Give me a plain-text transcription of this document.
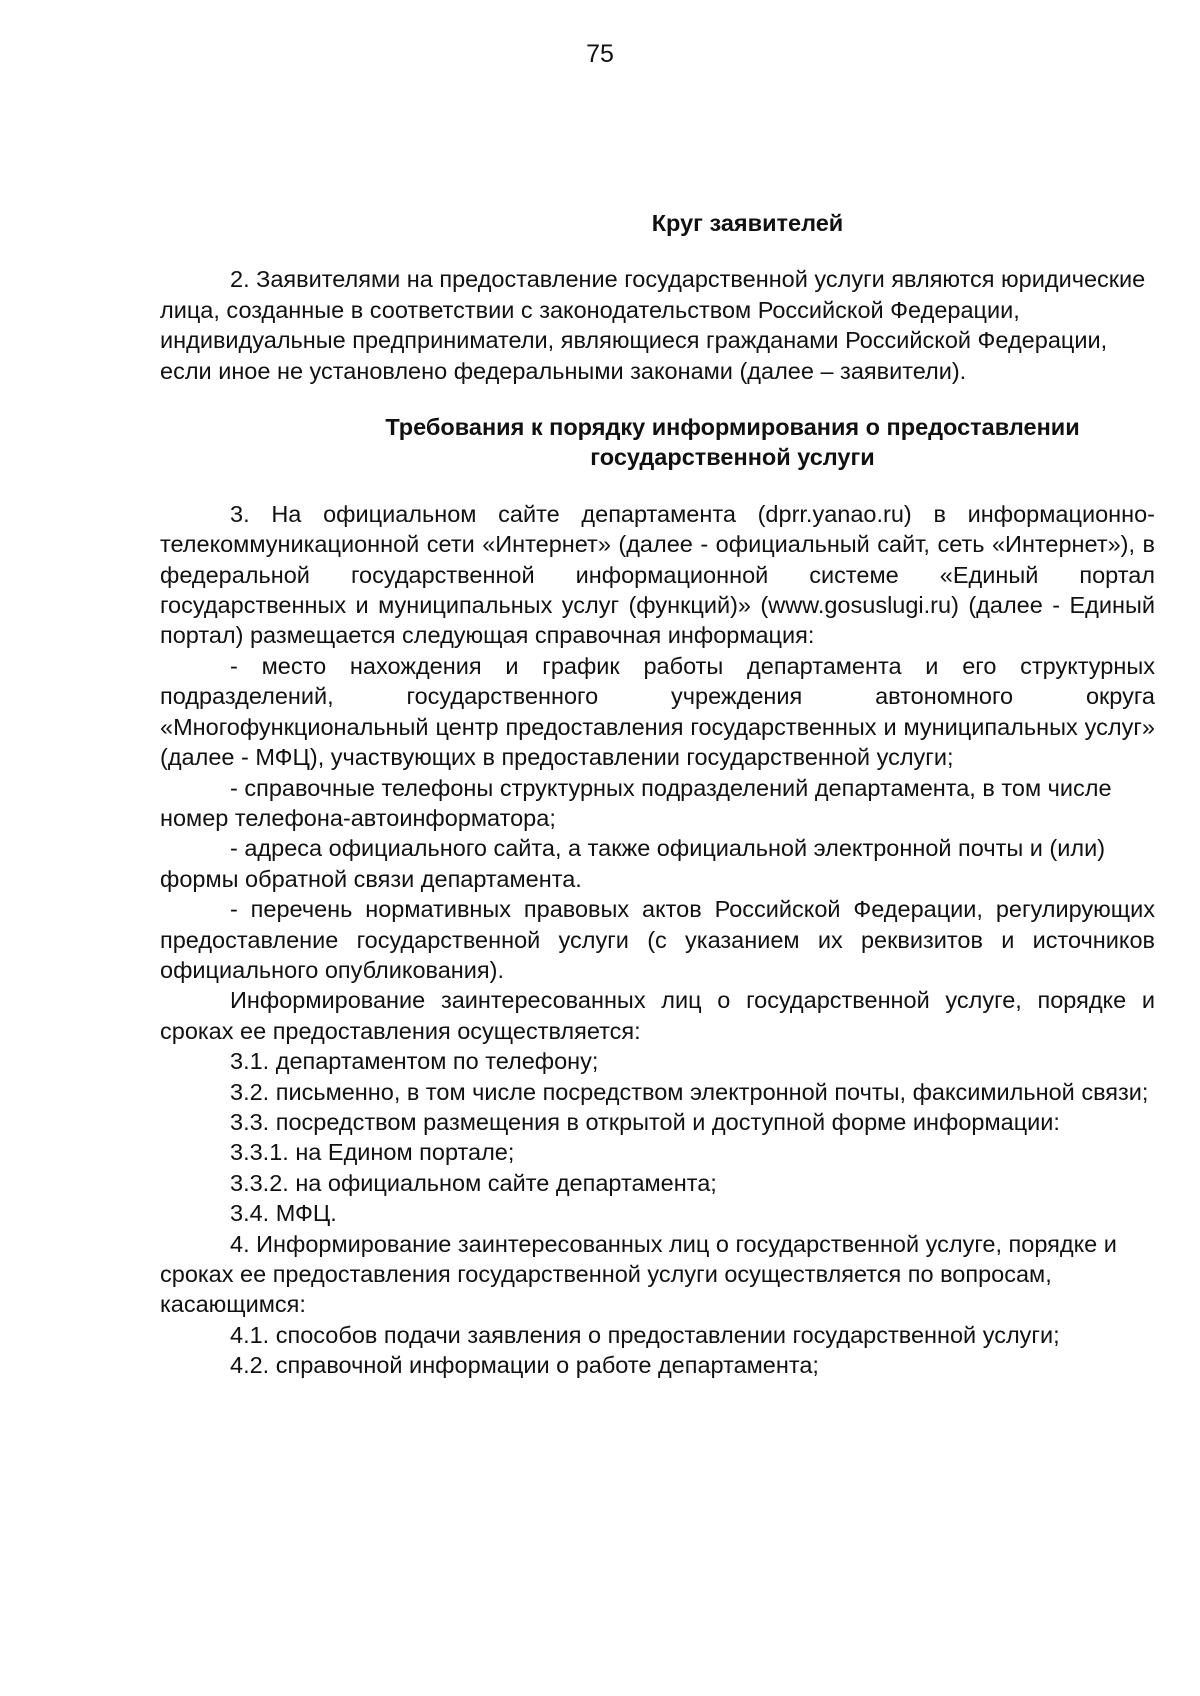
75
Круг заявителей

2. Заявителями на предоставление государственной услуги являются юридические лица, созданные в соответствии с законодательством Российской Федерации, индивидуальные предприниматели, являющиеся гражданами Российской Федерации, если иное не установлено федеральными законами (далее – заявители).

Требования к порядку информирования о предоставлении государственной услуги

3. На официальном сайте департамента (dprr.yanao.ru) в информационно-телекоммуникационной сети «Интернет» (далее - официальный сайт, сеть «Интернет»), в федеральной государственной информационной системе «Единый портал государственных и муниципальных услуг (функций)» (www.gosuslugi.ru) (далее - Единый портал) размещается следующая справочная информация:

- место нахождения и график работы департамента и его структурных подразделений, государственного учреждения автономного округа «Многофункциональный центр предоставления государственных и муниципальных услуг» (далее - МФЦ), участвующих в предоставлении государственной услуги;

- справочные телефоны структурных подразделений департамента, в том числе номер телефона-автоинформатора;

- адреса официального сайта, а также официальной электронной почты и (или) формы обратной связи департамента.

- перечень нормативных правовых актов Российской Федерации, регулирующих предоставление государственной услуги (с указанием их реквизитов и источников официального опубликования).

Информирование заинтересованных лиц о государственной услуге, порядке и сроках ее предоставления осуществляется:

3.1. департаментом по телефону;

3.2. письменно, в том числе посредством электронной почты, факсимильной связи;

3.3. посредством размещения в открытой и доступной форме информации:

3.3.1. на Едином портале;

3.3.2. на официальном сайте департамента;

3.4. МФЦ.

4. Информирование заинтересованных лиц о государственной услуге, порядке и сроках ее предоставления государственной услуги осуществляется по вопросам, касающимся:

4.1. способов подачи заявления о предоставлении государственной услуги;

4.2. справочной информации о работе департамента;
